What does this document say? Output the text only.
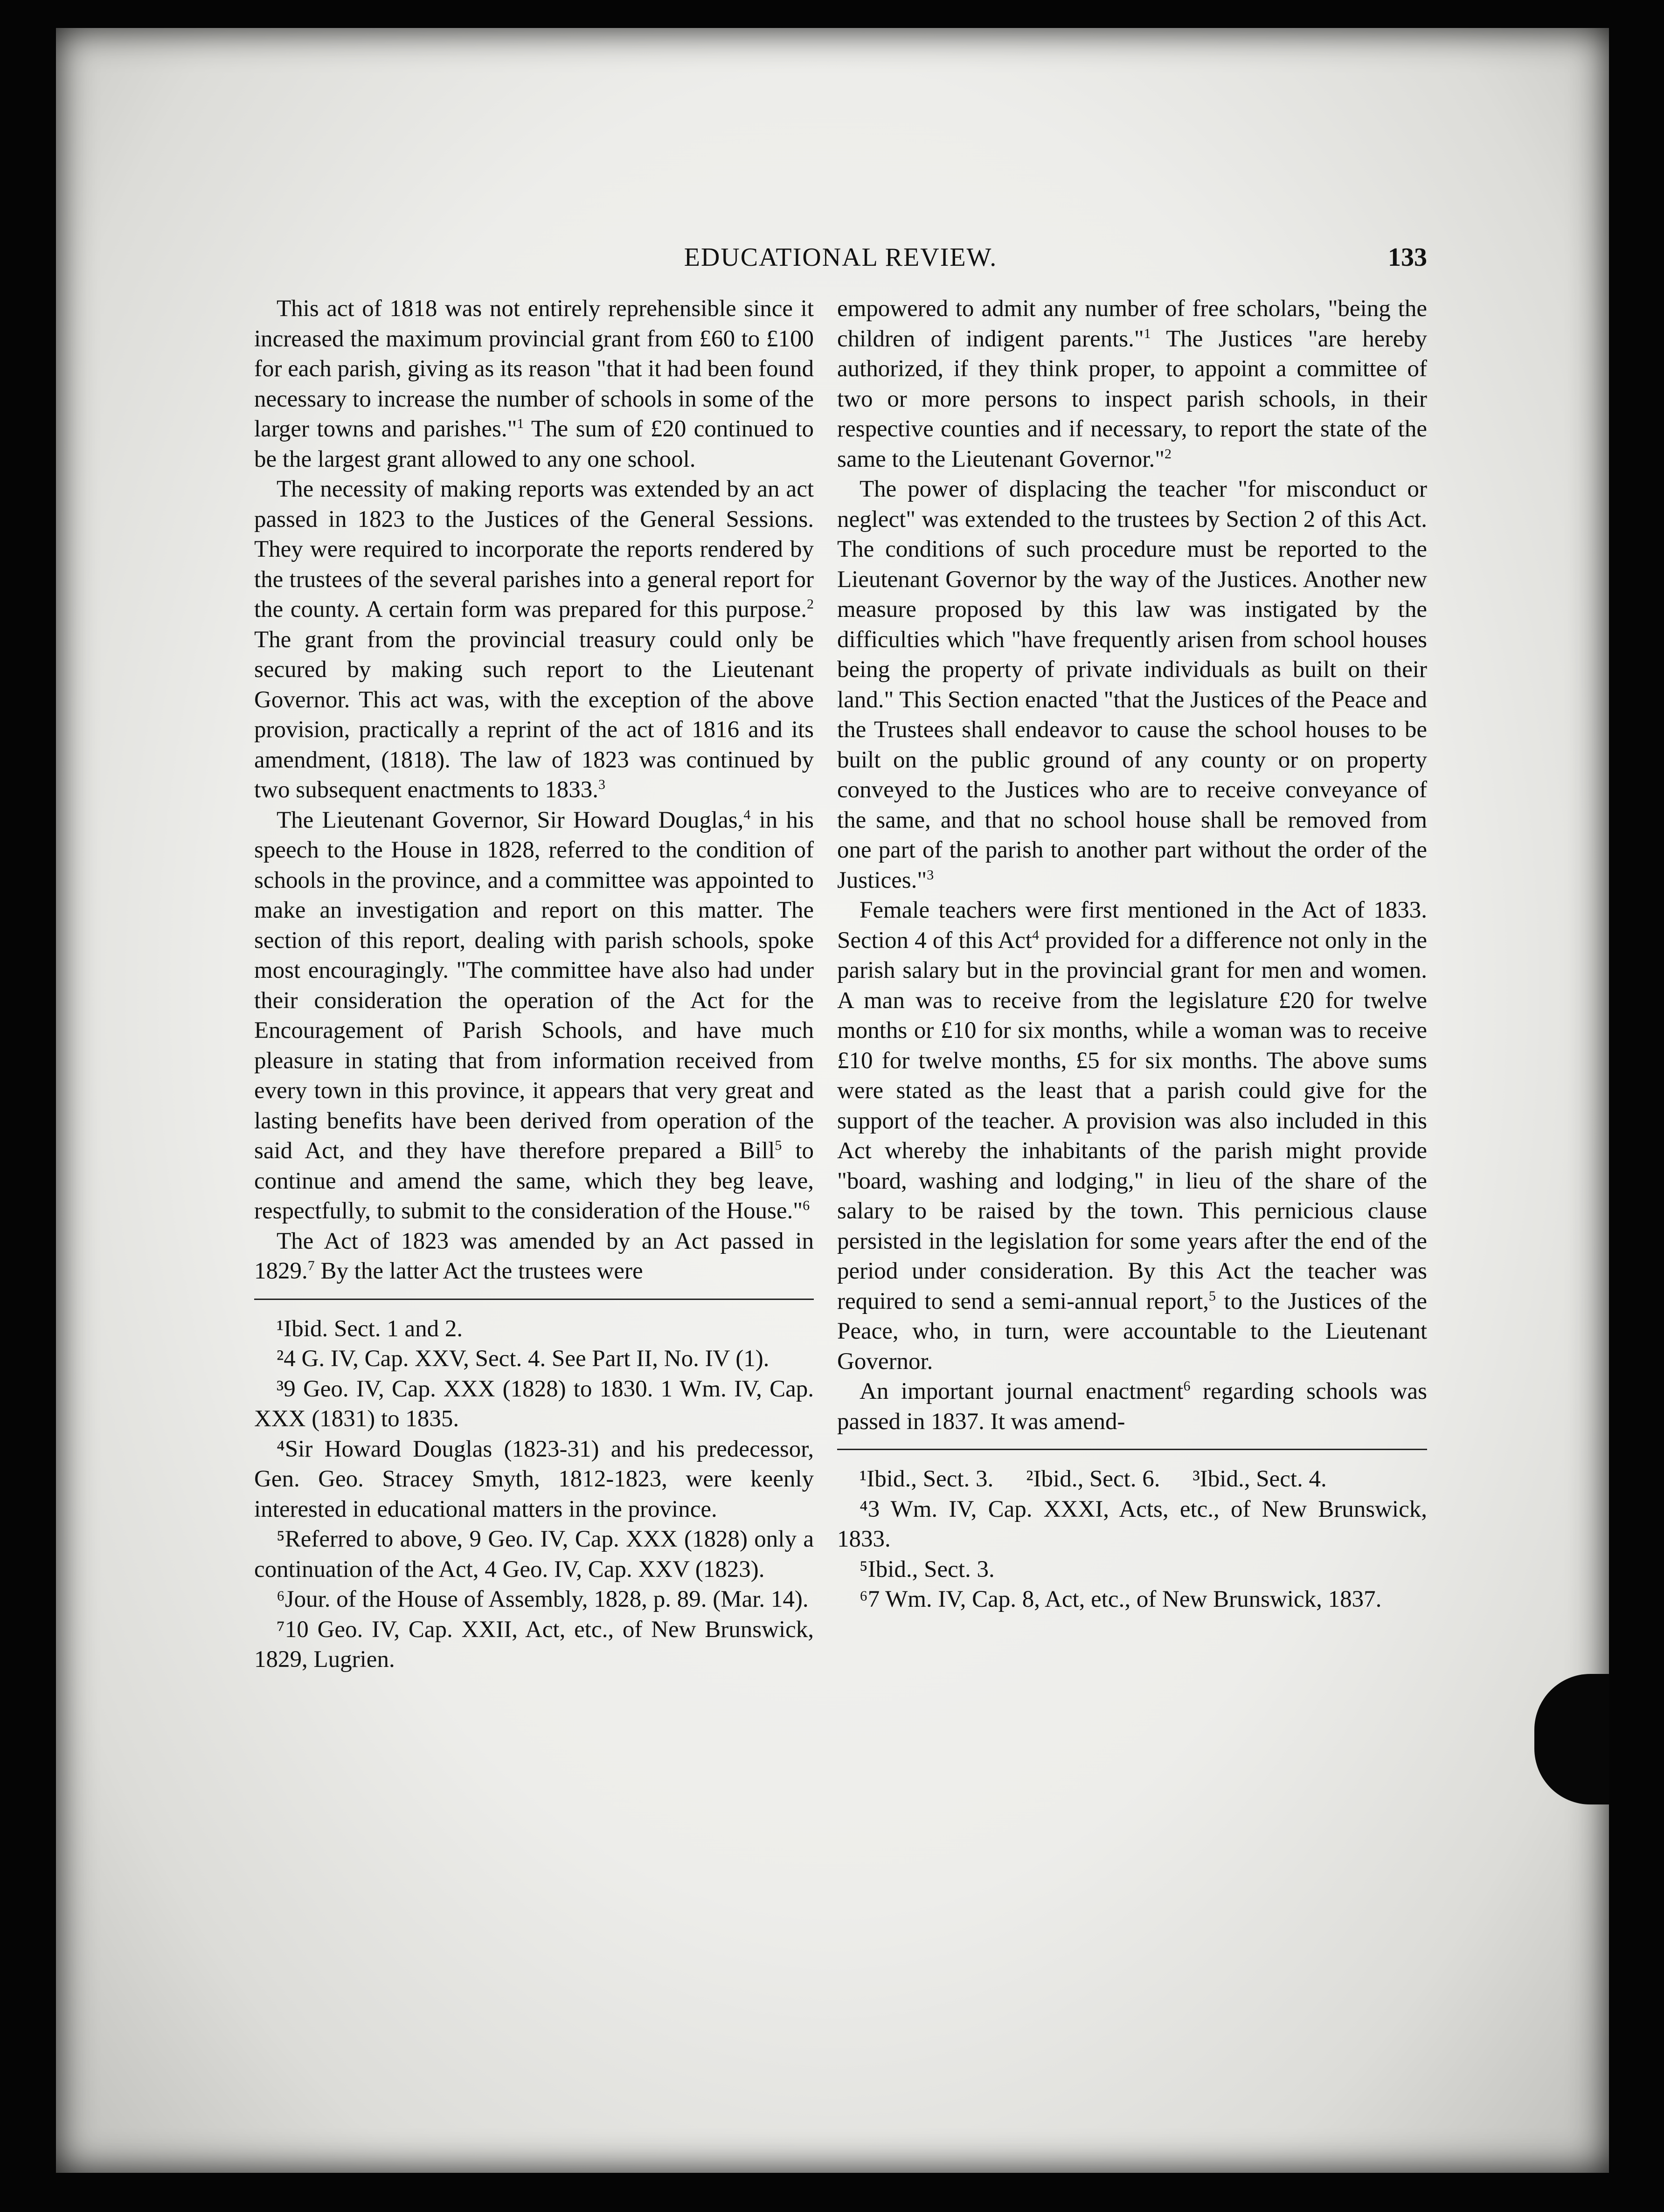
EDUCATIONAL REVIEW.	133

This act of 1818 was not entirely reprehensible since it increased the maximum provincial grant from £60 to £100 for each parish, giving as its reason "that it had been found necessary to increase the number of schools in some of the larger towns and parishes."$^1$ The sum of £20 continued to be the largest grant allowed to any one school.

The necessity of making reports was extended by an act passed in 1823 to the Justices of the General Sessions. They were required to incorporate the reports rendered by the trustees of the several parishes into a general report for the county. A certain form was prepared for this purpose.$^2$ The grant from the provincial treasury could only be secured by making such report to the Lieutenant Governor. This act was, with the exception of the above provision, practically a reprint of the act of 1816 and its amendment, (1818). The law of 1823 was continued by two subsequent enactments to 1833.$^3$

The Lieutenant Governor, Sir Howard Douglas,$^4$ in his speech to the House in 1828, referred to the condition of schools in the province, and a committee was appointed to make an investigation and report on this matter. The section of this report, dealing with parish schools, spoke most encouragingly. "The committee have also had under their consideration the operation of the Act for the Encouragement of Parish Schools, and have much pleasure in stating that from information received from every town in this province, it appears that very great and lasting benefits have been derived from operation of the said Act, and they have therefore prepared a Bill$^5$ to continue and amend the same, which they beg leave, respectfully, to submit to the consideration of the House."$^6$

The Act of 1823 was amended by an Act passed in 1829.$^7$ By the latter Act the trustees were

¹Ibid. Sect. 1 and 2.

²4 G. IV, Cap. XXV, Sect. 4. See Part II, No. IV (1).

³9 Geo. IV, Cap. XXX (1828) to 1830. 1 Wm. IV, Cap. XXX (1831) to 1835.

⁴Sir Howard Douglas (1823-31) and his predecessor, Gen. Geo. Stracey Smyth, 1812-1823, were keenly interested in educational matters in the province.

⁵Referred to above, 9 Geo. IV, Cap. XXX (1828) only a continuation of the Act, 4 Geo. IV, Cap. XXV (1823).

⁶Jour. of the House of Assembly, 1828, p. 89. (Mar. 14).

⁷10 Geo. IV, Cap. XXII, Act, etc., of New Brunswick, 1829, Lugrien.

empowered to admit any number of free scholars, "being the children of indigent parents."$^1$ The Justices "are hereby authorized, if they think proper, to appoint a committee of two or more persons to inspect parish schools, in their respective counties and if necessary, to report the state of the same to the Lieutenant Governor."$^2$

The power of displacing the teacher "for misconduct or neglect" was extended to the trustees by Section 2 of this Act. The conditions of such procedure must be reported to the Lieutenant Governor by the way of the Justices. Another new measure proposed by this law was instigated by the difficulties which "have frequently arisen from school houses being the property of private individuals as built on their land." This Section enacted "that the Justices of the Peace and the Trustees shall endeavor to cause the school houses to be built on the public ground of any county or on property conveyed to the Justices who are to receive conveyance of the same, and that no school house shall be removed from one part of the parish to another part without the order of the Justices."$^3$

Female teachers were first mentioned in the Act of 1833. Section 4 of this Act$^4$ provided for a difference not only in the parish salary but in the provincial grant for men and women. A man was to receive from the legislature £20 for twelve months or £10 for six months, while a woman was to receive £10 for twelve months, £5 for six months. The above sums were stated as the least that a parish could give for the support of the teacher. A provision was also included in this Act whereby the inhabitants of the parish might provide "board, washing and lodging," in lieu of the share of the salary to be raised by the town. This pernicious clause persisted in the legislation for some years after the end of the period under consideration. By this Act the teacher was required to send a semi-annual report,$^5$ to the Justices of the Peace, who, in turn, were accountable to the Lieutenant Governor.

An important journal enactment$^6$ regarding schools was passed in 1837. It was amend-

¹Ibid., Sect. 3. ²Ibid., Sect. 6. ³Ibid., Sect. 4.

⁴3 Wm. IV, Cap. XXXI, Acts, etc., of New Brunswick, 1833.

⁵Ibid., Sect. 3.

⁶7 Wm. IV, Cap. 8, Act, etc., of New Brunswick, 1837.
